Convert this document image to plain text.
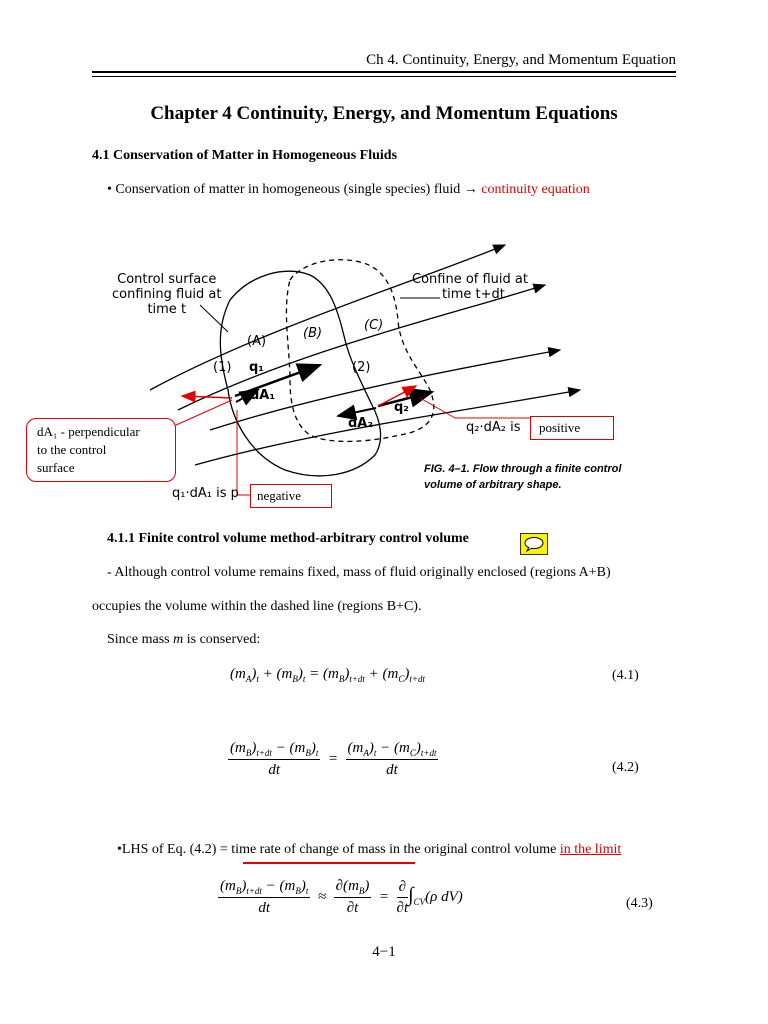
Ch 4. Continuity, Energy, and Momentum Equation
Chapter 4 Continuity, Energy, and Momentum Equations
4.1 Conservation of Matter in Homogeneous Fluids
• Conservation of matter in homogeneous (single species) fluid → continuity equation
Control surface
confining fluid at
time t
Confine of fluid at
time t+dt
(A)
(B)
(C)
(1)	(2)
q₁
q₂
dA₁
dA₂	q₂·dA₂ is
q₁·dA₁ is p
FIG. 4–1. Flow through a finite control
volume of arbitrary shape.
dA₁ - perpendicular
to the control
surface
positive
negative
4.1.1 Finite control volume method-arbitrary control volume
- Although control volume remains fixed, mass of fluid originally enclosed (regions A+B)
occupies the volume within the dashed line (regions B+C).
Since mass m is conserved:
$(m_A)_t + (m_B)_t = (m_B)_{t+dt} + (m_C)_{t+dt}$	(4.1)
$\frac{(m_B)_{t+dt} - (m_B)_t}{dt} = \frac{(m_A)_t - (m_C)_{t+dt}}{dt}$	(4.2)
•LHS of Eq. (4.2) = time rate of change of mass in the original control volume in the limit
$\frac{(m_B)_{t+dt} - (m_B)_t}{dt} \approx \frac{\partial(m_B)}{\partial t} = \frac{\partial}{\partial t} \int_{CV}(\rho$ dV)	(4.3)
4−1
